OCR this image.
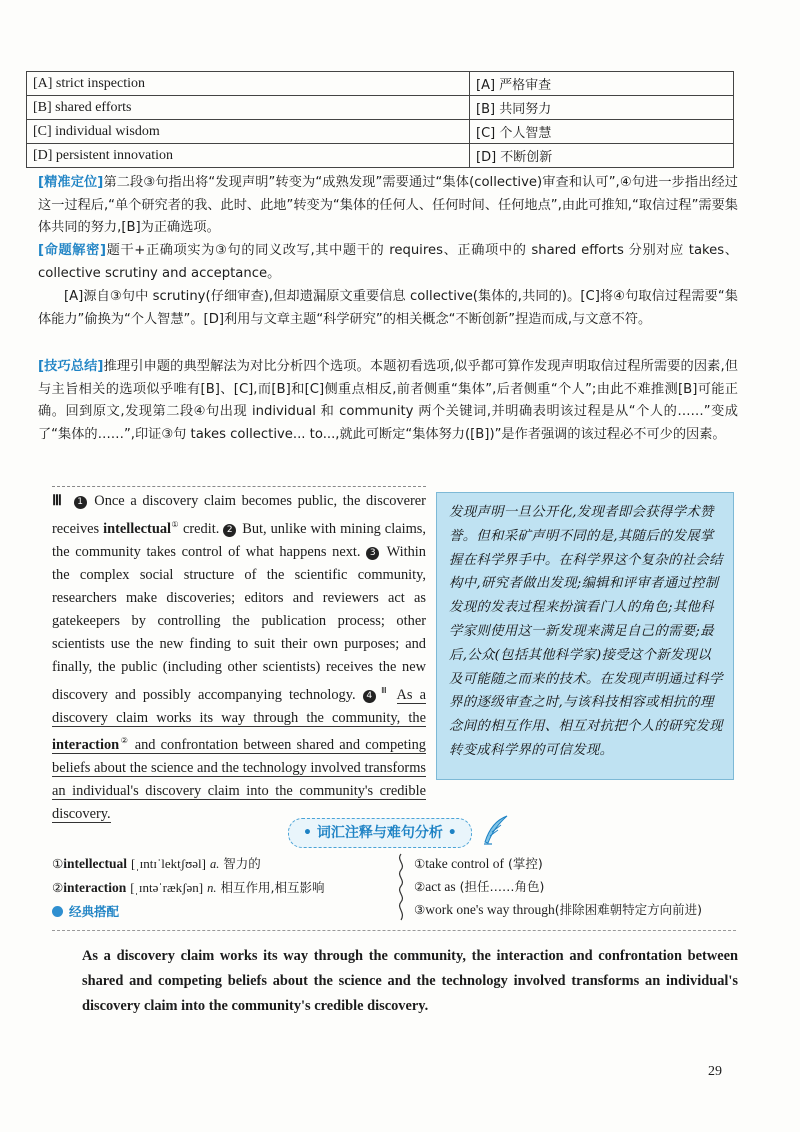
[A] strict inspection	[A] 严格审查
[B] shared efforts	[B] 共同努力
[C] individual wisdom	[C] 个人智慧
[D] persistent innovation	[D] 不断创新

[精准定位]第二段③句指出将“发现声明”转变为“成熟发现”需要通过“集体(collective)审查和认可”,④句进一步指出经过这一过程后,“单个研究者的我、此时、此地”转变为“集体的任何人、任何时间、任何地点”,由此可推知,“取信过程”需要集体共同的努力,[B]为正确选项。

[命题解密]题干+正确项实为③句的同义改写,其中题干的 requires、正确项中的 shared efforts 分别对应 takes、collective scrutiny and acceptance。

[A]源自③句中 scrutiny(仔细审查),但却遗漏原文重要信息 collective(集体的,共同的)。[C]将④句取信过程需要“集体能力”偷换为“个人智慧”。[D]利用与文章主题“科学研究”的相关概念“不断创新”捏造而成,与文意不符。

[技巧总结]推理引申题的典型解法为对比分析四个选项。本题初看选项,似乎都可算作发现声明取信过程所需要的因素,但与主旨相关的选项似乎唯有[B]、[C],而[B]和[C]侧重点相反,前者侧重“集体”,后者侧重“个人”;由此不难推测[B]可能正确。回到原文,发现第二段④句出现 individual 和 community 两个关键词,并明确表明该过程是从“个人的……”变成了“集体的……”,印证③句 takes collective... to...,就此可断定“集体努力([B])”是作者强调的该过程必不可少的因素。

Ⅲ 1 Once a discovery claim becomes public, the discoverer receives intellectual① credit. 2 But, unlike with mining claims, the community takes control of what happens next. 3 Within the complex social structure of the scientific community, researchers make discoveries; editors and reviewers act as gatekeepers by controlling the publication process; other scientists use the new finding to suit their own purposes; and finally, the public (including other scientists) receives the new discovery and possibly accompanying technology. $4^Ⅲ$ As a discovery claim works its way through the community, the interaction② and confrontation between shared and competing beliefs about the science and the technology involved transforms an individual's discovery claim into the community's credible discovery.

发现声明一旦公开化,发现者即会获得学术赞誉。但和采矿声明不同的是,其随后的发展掌握在科学界手中。在科学界这个复杂的社会结构中,研究者做出发现;编辑和评审者通过控制发现的发表过程来扮演看门人的角色;其他科学家则使用这一新发现来满足自己的需要;最后,公众(包括其他科学家)接受这个新发现以及可能随之而来的技术。在发现声明通过科学界的逐级审查之时,与该科技相容或相抗的理念间的相互作用、相互对抗把个人的研究发现转变成科学界的可信发现。

• 词汇注释与难句分析 •
①intellectual [ˌɪntɪˈlektʃʊəl] a. 智力的
②interaction [ˌɪntəˈrækʃən] n. 相互作用,相互影响
经典搭配
①take control of (掌控)
②act as (担任……角色)
③work one's way through(排除困难朝特定方向前进)

As a discovery claim works its way through the community, the interaction and confrontation between shared and competing beliefs about the science and the technology involved transforms an individual's discovery claim into the community's credible discovery.

29
